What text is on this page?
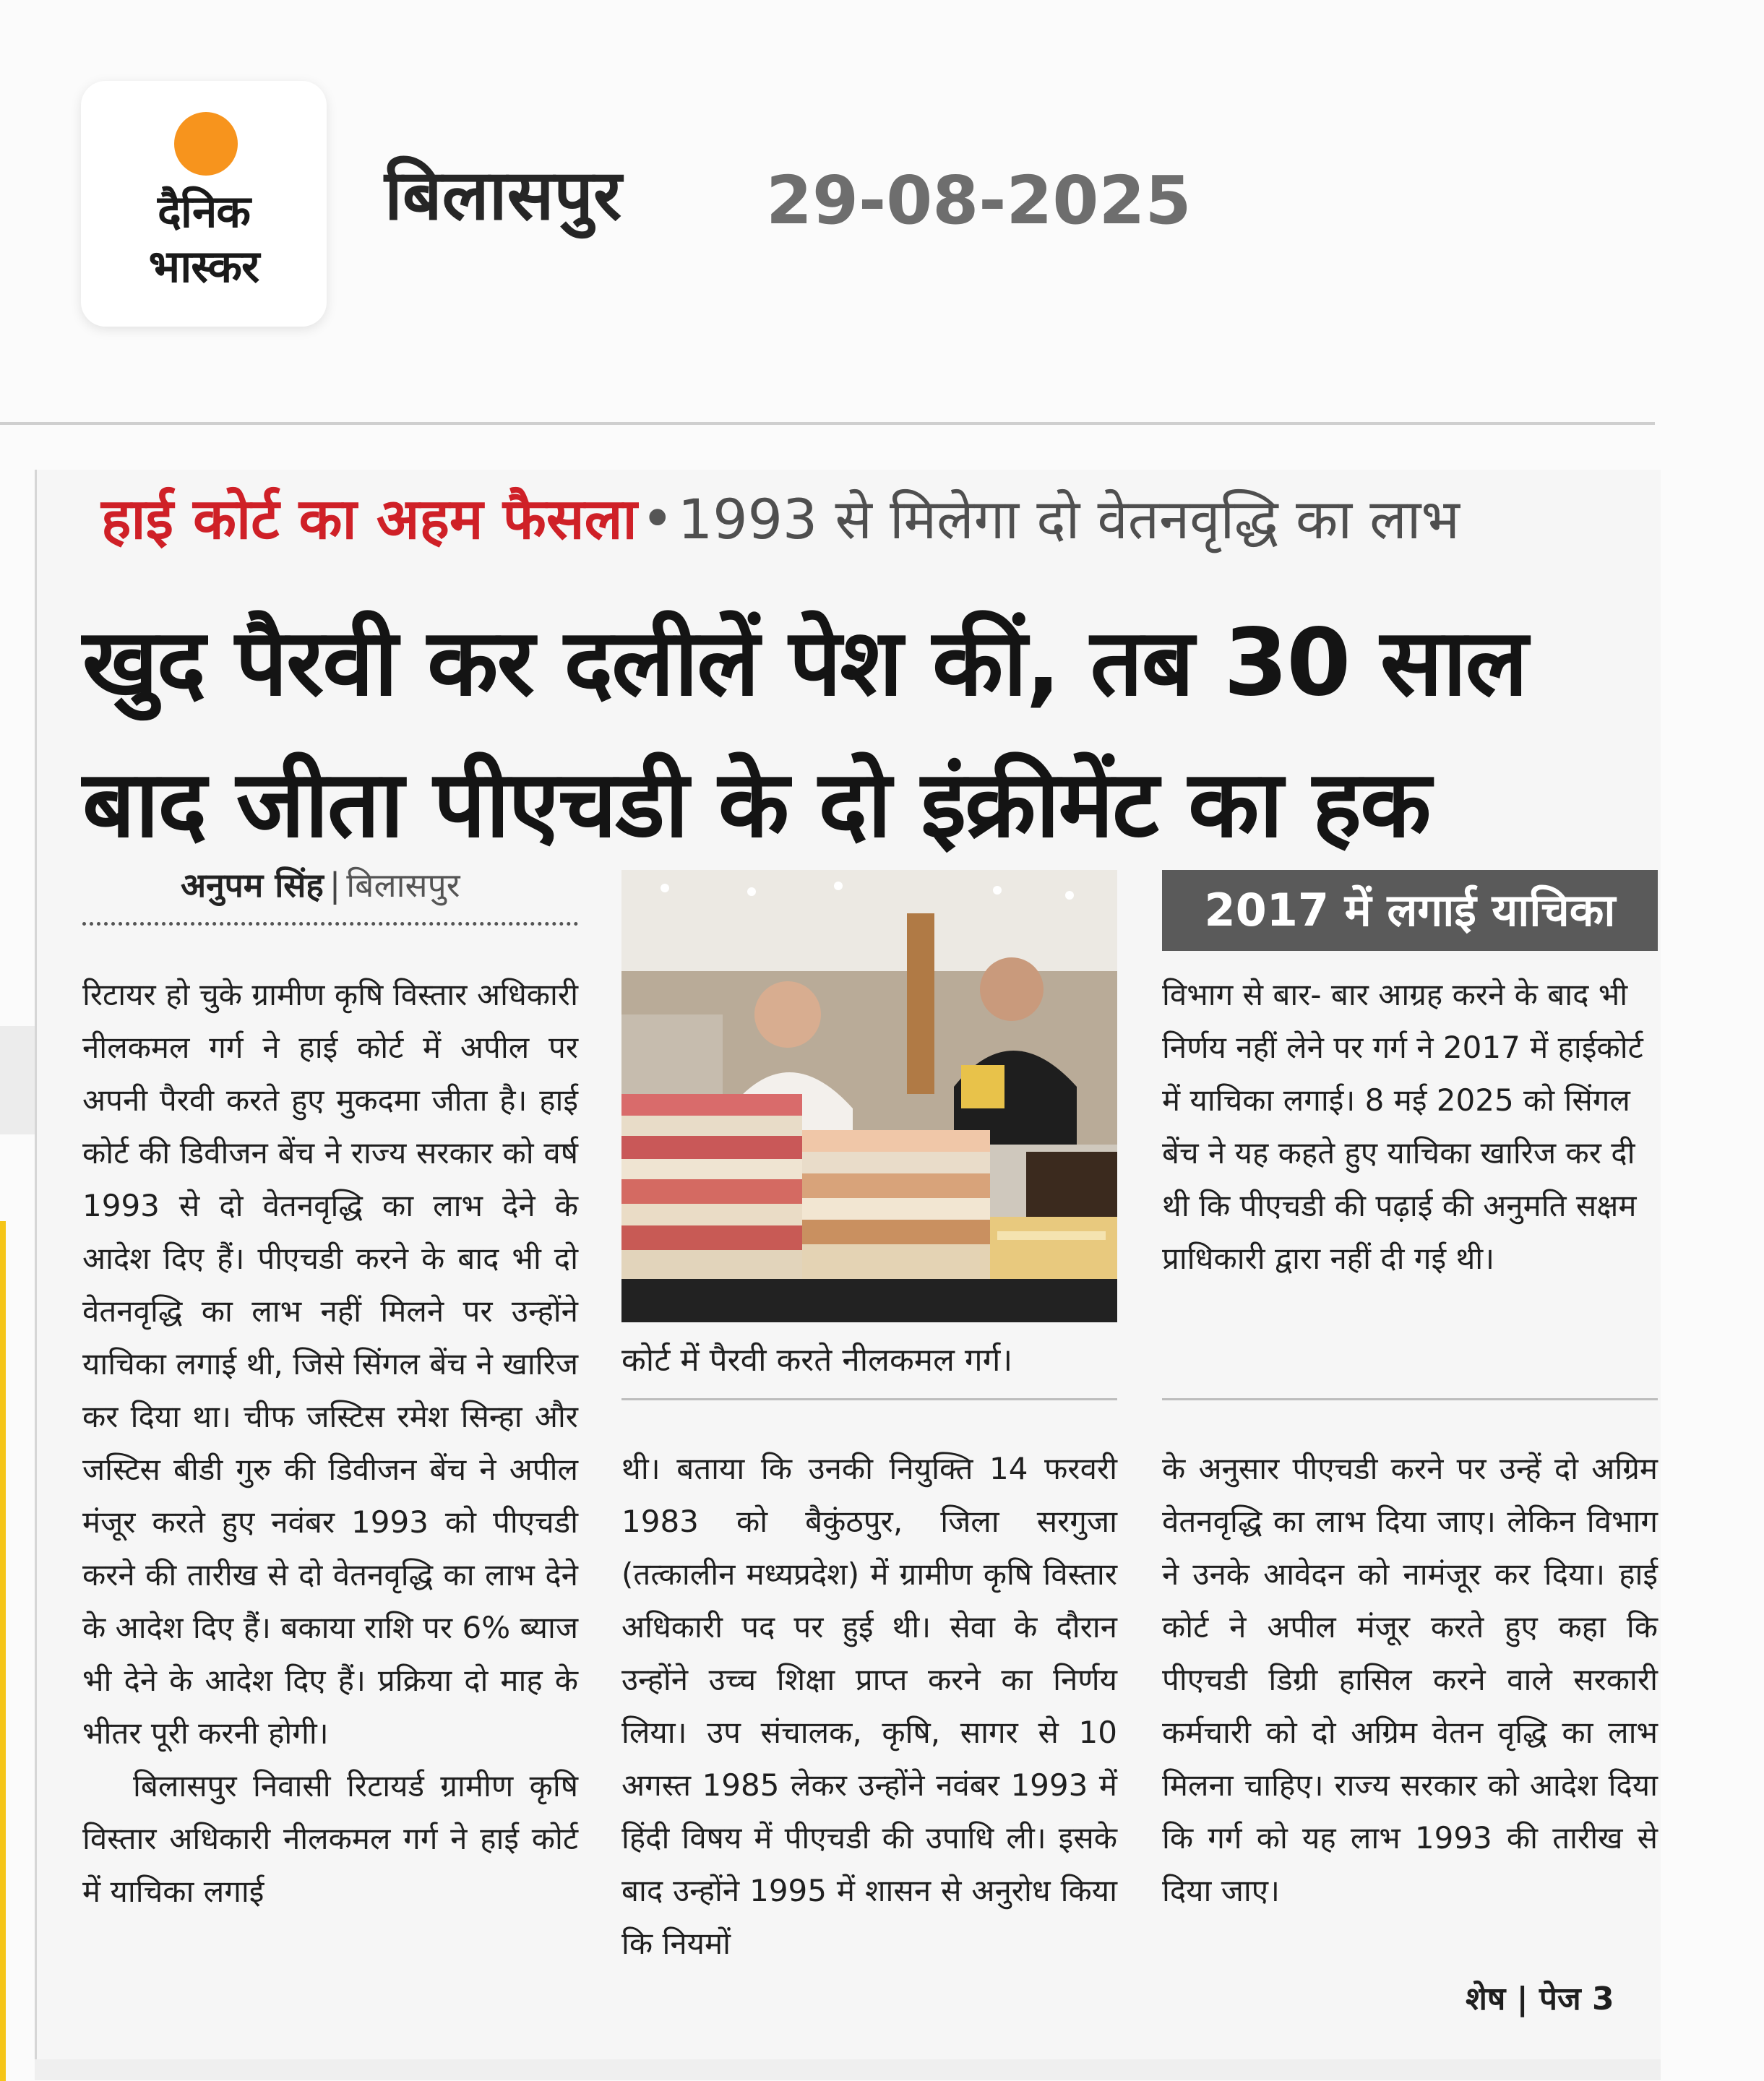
दैनिक
भास्कर
बिलासपुर 29-08-2025
हाई कोर्ट का अहम फैसला • 1993 से मिलेगा दो वेतनवृद्धि का लाभ
खुद पैरवी कर दलीलें पेश कीं, तब 30 साल
बाद जीता पीएचडी के दो इंक्रीमेंट का हक
अनुपम सिंह | बिलासपुर
रिटायर हो चुके ग्रामीण कृषि विस्तार अधिकारी नीलकमल गर्ग ने हाई कोर्ट में अपील पर अपनी पैरवी करते हुए मुकदमा जीता है। हाई कोर्ट की डिवीजन बेंच ने राज्य सरकार को वर्ष 1993 से दो वेतनवृद्धि का लाभ देने के आदेश दिए हैं। पीएचडी करने के बाद भी दो वेतनवृद्धि का लाभ नहीं मिलने पर उन्होंने याचिका लगाई थी, जिसे सिंगल बेंच ने खारिज कर दिया था। चीफ जस्टिस रमेश सिन्हा और जस्टिस बीडी गुरु की डिवीजन बेंच ने अपील मंजूर करते हुए नवंबर 1993 को पीएचडी करने की तारीख से दो वेतनवृद्धि का लाभ देने के आदेश दिए हैं। बकाया राशि पर 6% ब्याज भी देने के आदेश दिए हैं। प्रक्रिया दो माह के भीतर पूरी करनी होगी।
बिलासपुर निवासी रिटायर्ड ग्रामीण कृषि विस्तार अधिकारी नीलकमल गर्ग ने हाई कोर्ट में याचिका लगाई
कोर्ट में पैरवी करते नीलकमल गर्ग।
2017 में लगाई याचिका

विभाग से बार- बार आग्रह करने के बाद भी निर्णय नहीं लेने पर गर्ग ने 2017 में हाईकोर्ट में याचिका लगाई। 8 मई 2025 को सिंगल बेंच ने यह कहते हुए याचिका खारिज कर दी थी कि पीएचडी की पढ़ाई की अनुमति सक्षम प्राधिकारी द्वारा नहीं दी गई थी।

थी। बताया कि उनकी नियुक्ति 14 फरवरी 1983 को बैकुंठपुर, जिला सरगुजा (तत्कालीन मध्यप्रदेश) में ग्रामीण कृषि विस्तार अधिकारी पद पर हुई थी। सेवा के दौरान उन्होंने उच्च शिक्षा प्राप्त करने का निर्णय लिया। उप संचालक, कृषि, सागर से 10 अगस्त 1985 लेकर उन्होंने नवंबर 1993 में हिंदी विषय में पीएचडी की उपाधि ली। इसके बाद उन्होंने 1995 में शासन से अनुरोध किया कि नियमों

के अनुसार पीएचडी करने पर उन्हें दो अग्रिम वेतनवृद्धि का लाभ दिया जाए। लेकिन विभाग ने उनके आवेदन को नामंजूर कर दिया। हाई कोर्ट ने अपील मंजूर करते हुए कहा कि पीएचडी डिग्री हासिल करने वाले सरकारी कर्मचारी को दो अग्रिम वेतन वृद्धि का लाभ मिलना चाहिए। राज्य सरकार को आदेश दिया कि गर्ग को यह लाभ 1993 की तारीख से दिया जाए।

शेष | पेज 3
